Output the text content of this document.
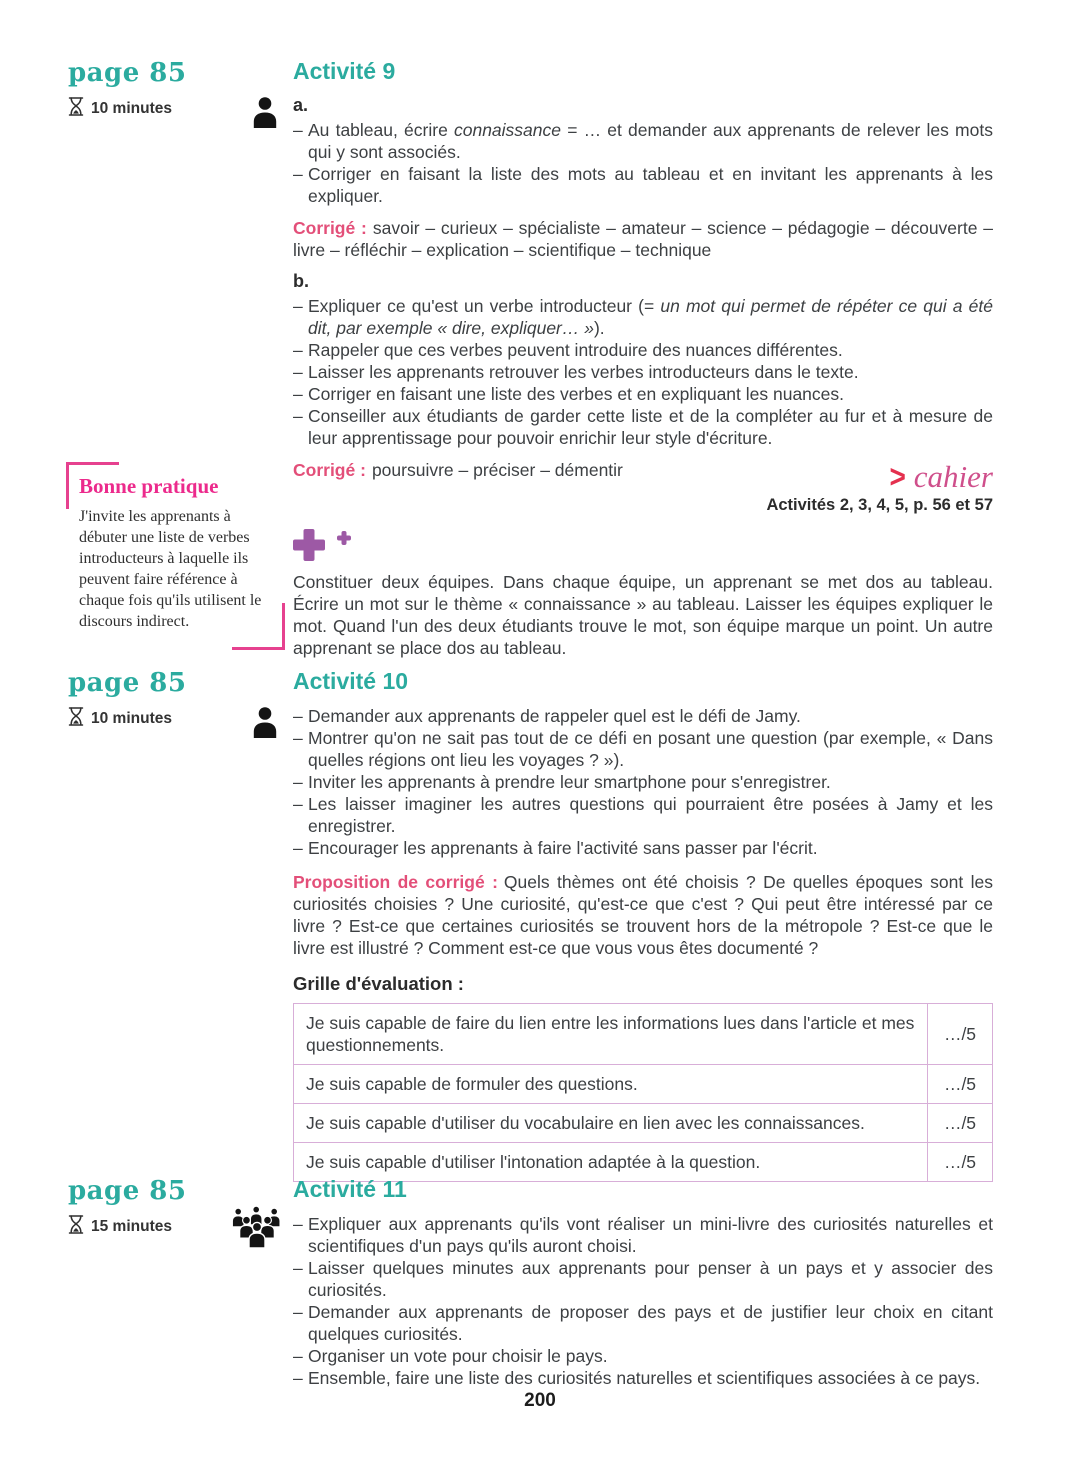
page 85
10 minutes
Activité 9
a.
– Au tableau, écrire connaissance = … et demander aux apprenants de relever les mots qui y sont associés.
– Corriger en faisant la liste des mots au tableau et en invitant les apprenants à les expliquer.

Corrigé : savoir – curieux – spécialiste – amateur – science – pédagogie – découverte – livre – réfléchir – explication – scientifique – technique

b.
– Expliquer ce qu'est un verbe introducteur (= un mot qui permet de répéter ce qui a été dit, par exemple « dire, expliquer… »).
– Rappeler que ces verbes peuvent introduire des nuances différentes.
– Laisser les apprenants retrouver les verbes introducteurs dans le texte.
– Corriger en faisant une liste des verbes et en expliquant les nuances.
– Conseiller aux étudiants de garder cette liste et de la compléter au fur et à mesure de leur apprentissage pour pouvoir enrichir leur style d'écriture.

Corrigé : poursuivre – préciser – démentir	> cahier
Activités 2, 3, 4, 5, p. 56 et 57

Constituer deux équipes. Dans chaque équipe, un apprenant se met dos au tableau. Écrire un mot sur le thème « connaissance » au tableau. Laisser les équipes expliquer le mot. Quand l'un des deux étudiants trouve le mot, son équipe marque un point. Un autre apprenant se place dos au tableau.

Bonne pratique
J'invite les apprenants à débuter une liste de verbes introducteurs à laquelle ils peuvent faire référence à chaque fois qu'ils utilisent le discours indirect.
page 85
10 minutes
Activité 10
– Demander aux apprenants de rappeler quel est le défi de Jamy.
– Montrer qu'on ne sait pas tout de ce défi en posant une question (par exemple, « Dans quelles régions ont lieu les voyages ? »).
– Inviter les apprenants à prendre leur smartphone pour s'enregistrer.
– Les laisser imaginer les autres questions qui pourraient être posées à Jamy et les enregistrer.
– Encourager les apprenants à faire l'activité sans passer par l'écrit.

Proposition de corrigé : Quels thèmes ont été choisis ? De quelles époques sont les curiosités choisies ? Une curiosité, qu'est-ce que c'est ? Qui peut être intéressé par ce livre ? Est-ce que certaines curiosités se trouvent hors de la métropole ? Est-ce que le livre est illustré ? Comment est-ce que vous vous êtes documenté ?

Grille d'évaluation :
Je suis capable de faire du lien entre les informations lues dans l'article et mes questionnements.	…/5
Je suis capable de formuler des questions.	…/5
Je suis capable d'utiliser du vocabulaire en lien avec les connaissances.	…/5
Je suis capable d'utiliser l'intonation adaptée à la question.	…/5
page 85
15 minutes
Activité 11
– Expliquer aux apprenants qu'ils vont réaliser un mini-livre des curiosités naturelles et scientifiques d'un pays qu'ils auront choisi.
– Laisser quelques minutes aux apprenants pour penser à un pays et y associer des curiosités.
– Demander aux apprenants de proposer des pays et de justifier leur choix en citant quelques curiosités.
– Organiser un vote pour choisir le pays.
– Ensemble, faire une liste des curiosités naturelles et scientifiques associées à ce pays.
200
